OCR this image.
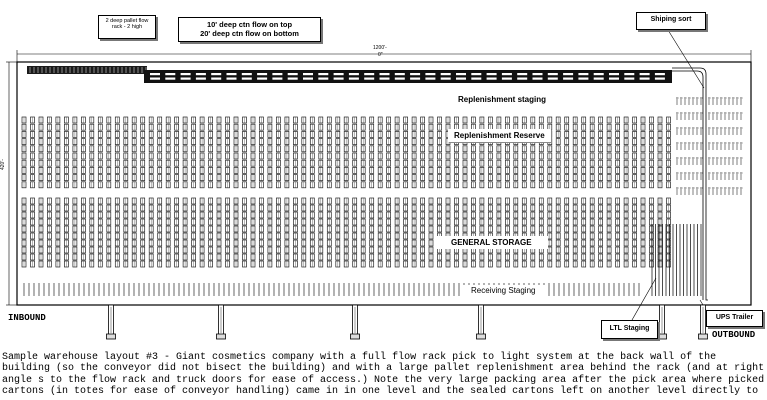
2 deep pallet flow
rack - 2 high	10' deep ctn flow on top
20' deep ctn flow on bottom
Shiping sort
LTL Staging
UPS Trailer
Replenishment staging
Replenishment Reserve
GENERAL STORAGE
Receiving Staging
1200'-
0"
420'-
INBOUND
OUTBOUND
Sample warehouse layout #3 - Giant cosmetics company with a full flow rack pick to light system at the back wall of the building (so the conveyor did not bisect the building) and with a large pallet replenishment area behind the rack (and at right angle s to the flow rack and truck doors for ease of access.) Note the very large packing area after the pick area where picked cartons (in totes for ease of conveyor handling) came in in one level and the sealed cartons left on another level directly to
